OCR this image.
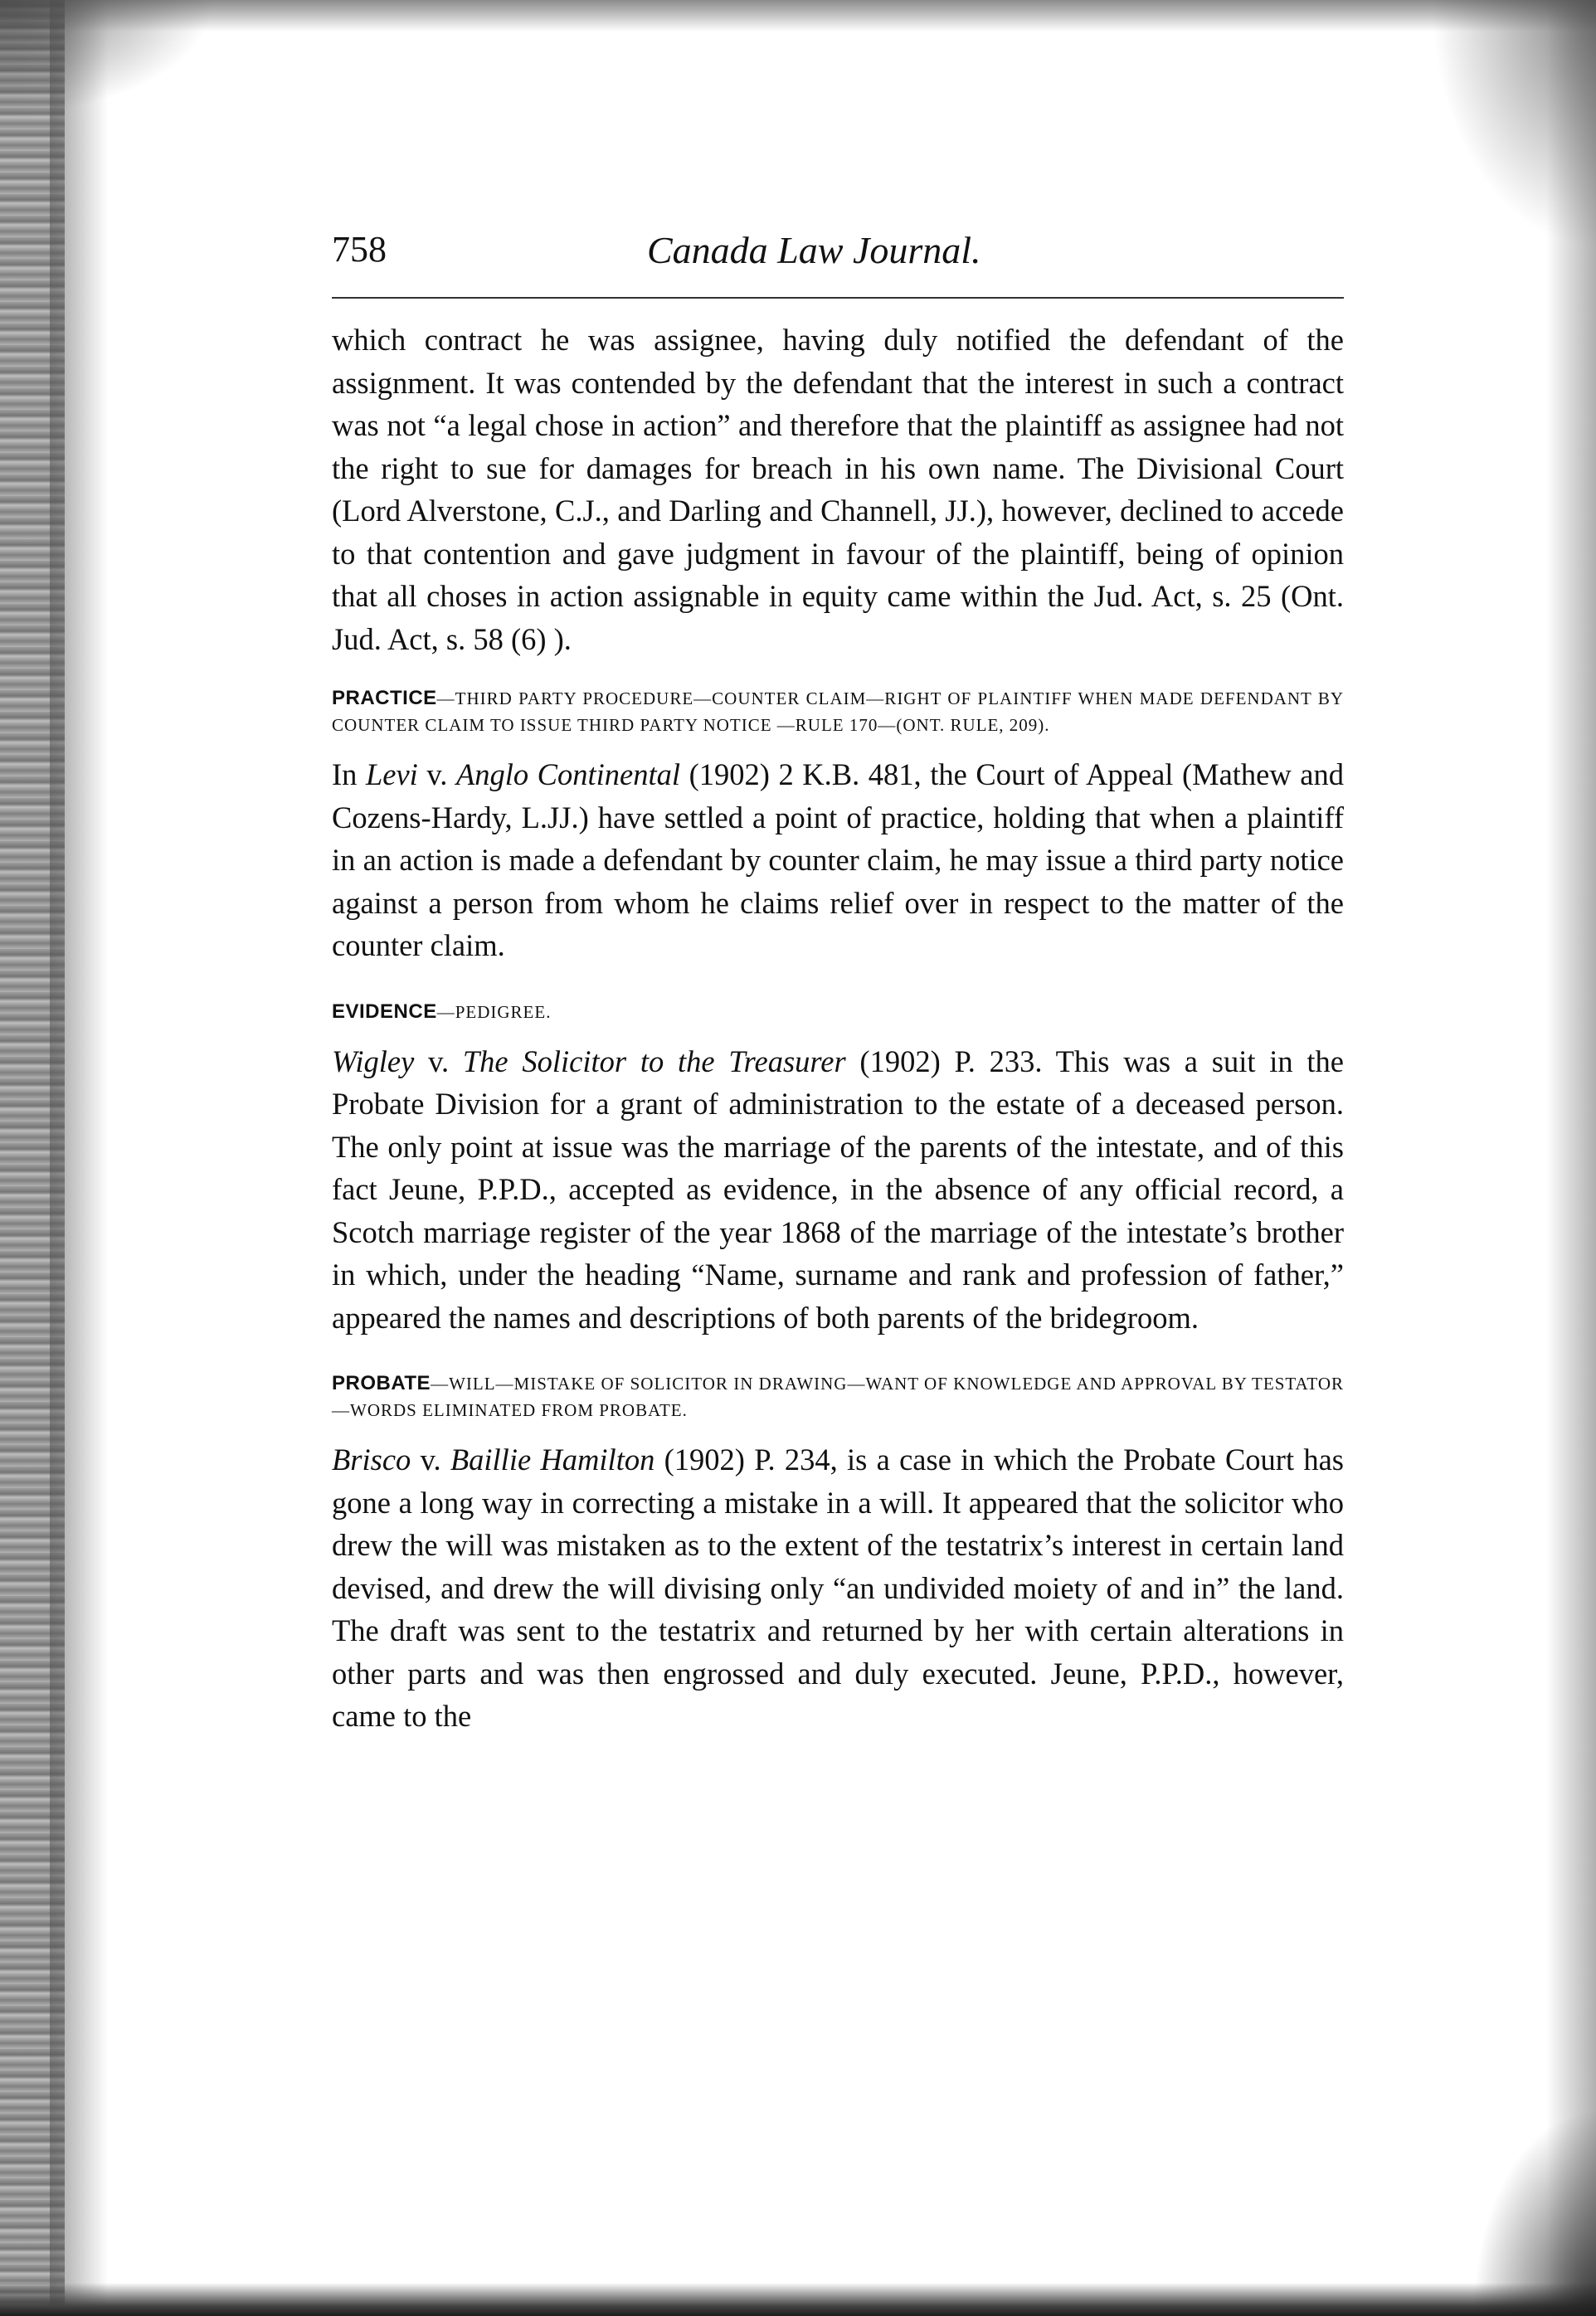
758	Canada Law Journal.

which contract he was assignee, having duly notified the defendant of the assignment. It was contended by the defendant that the interest in such a contract was not “a legal chose in action” and therefore that the plaintiff as assignee had not the right to sue for damages for breach in his own name. The Divisional Court (Lord Alverstone, C.J., and Darling and Channell, JJ.), however, declined to accede to that contention and gave judgment in favour of the plaintiff, being of opinion that all choses in action assignable in equity came within the Jud. Act, s. 25 (Ont. Jud. Act, s. 58 (6) ).

PRACTICE—THIRD PARTY PROCEDURE—COUNTER CLAIM—RIGHT OF PLAINTIFF WHEN MADE DEFENDANT BY COUNTER CLAIM TO ISSUE THIRD PARTY NOTICE —RULE 170—(ONT. RULE, 209).

In Levi v. Anglo Continental (1902) 2 K.B. 481, the Court of Appeal (Mathew and Cozens-Hardy, L.JJ.) have settled a point of practice, holding that when a plaintiff in an action is made a defendant by counter claim, he may issue a third party notice against a person from whom he claims relief over in respect to the matter of the counter claim.

EVIDENCE—PEDIGREE.

Wigley v. The Solicitor to the Treasurer (1902) P. 233. This was a suit in the Probate Division for a grant of administration to the estate of a deceased person. The only point at issue was the marriage of the parents of the intestate, and of this fact Jeune, P.P.D., accepted as evidence, in the absence of any official record, a Scotch marriage register of the year 1868 of the marriage of the intestate’s brother in which, under the heading “Name, surname and rank and profession of father,” appeared the names and descriptions of both parents of the bridegroom.

PROBATE—WILL—MISTAKE OF SOLICITOR IN DRAWING—WANT OF KNOWLEDGE AND APPROVAL BY TESTATOR—WORDS ELIMINATED FROM PROBATE.

Brisco v. Baillie Hamilton (1902) P. 234, is a case in which the Probate Court has gone a long way in correcting a mistake in a will. It appeared that the solicitor who drew the will was mistaken as to the extent of the testatrix’s interest in certain land devised, and drew the will divising only “an undivided moiety of and in” the land. The draft was sent to the testatrix and returned by her with certain alterations in other parts and was then engrossed and duly executed. Jeune, P.P.D., however, came to the
